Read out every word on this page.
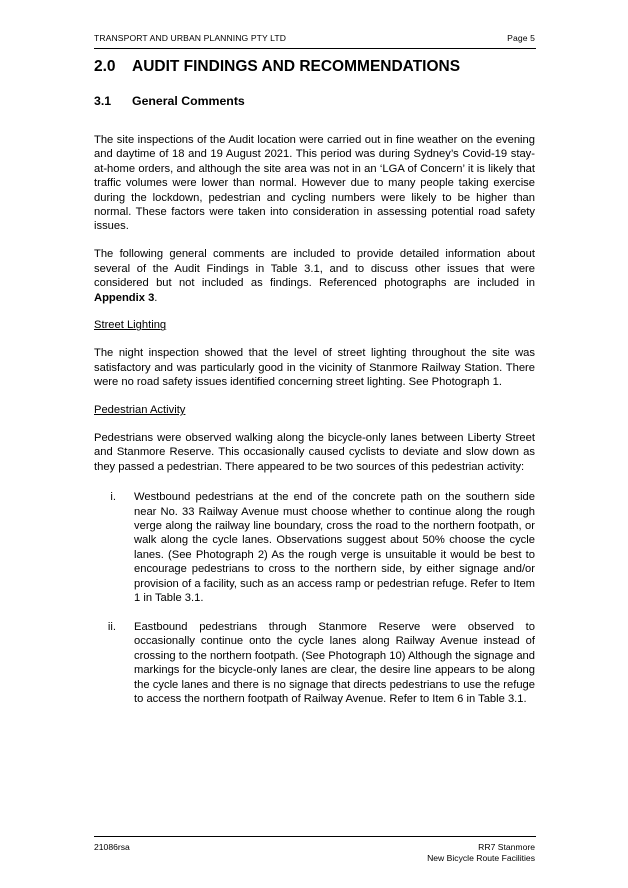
TRANSPORT AND URBAN PLANNING PTY LTD	Page 5
2.0 AUDIT FINDINGS AND RECOMMENDATIONS
3.1 General Comments

The site inspections of the Audit location were carried out in fine weather on the evening and daytime of 18 and 19 August 2021. This period was during Sydney’s Covid-19 stay-at-home orders, and although the site area was not in an ‘LGA of Concern’ it is likely that traffic volumes were lower than normal. However due to many people taking exercise during the lockdown, pedestrian and cycling numbers were likely to be higher than normal. These factors were taken into consideration in assessing potential road safety issues.

The following general comments are included to provide detailed information about several of the Audit Findings in Table 3.1, and to discuss other issues that were considered but not included as findings. Referenced photographs are included in Appendix 3.

Street Lighting

The night inspection showed that the level of street lighting throughout the site was satisfactory and was particularly good in the vicinity of Stanmore Railway Station. There were no road safety issues identified concerning street lighting. See Photograph 1.

Pedestrian Activity

Pedestrians were observed walking along the bicycle-only lanes between Liberty Street and Stanmore Reserve. This occasionally caused cyclists to deviate and slow down as they passed a pedestrian. There appeared to be two sources of this pedestrian activity:

i. Westbound pedestrians at the end of the concrete path on the southern side near No. 33 Railway Avenue must choose whether to continue along the rough verge along the railway line boundary, cross the road to the northern footpath, or walk along the cycle lanes. Observations suggest about 50% choose the cycle lanes. (See Photograph 2) As the rough verge is unsuitable it would be best to encourage pedestrians to cross to the northern side, by either signage and/or provision of a facility, such as an access ramp or pedestrian refuge. Refer to Item 1 in Table 3.1.
ii. Eastbound pedestrians through Stanmore Reserve were observed to occasionally continue onto the cycle lanes along Railway Avenue instead of crossing to the northern footpath. (See Photograph 10) Although the signage and markings for the bicycle-only lanes are clear, the desire line appears to be along the cycle lanes and there is no signage that directs pedestrians to use the refuge to access the northern footpath of Railway Avenue. Refer to Item 6 in Table 3.1.
21086rsa	RR7 Stanmore
New Bicycle Route Facilities
